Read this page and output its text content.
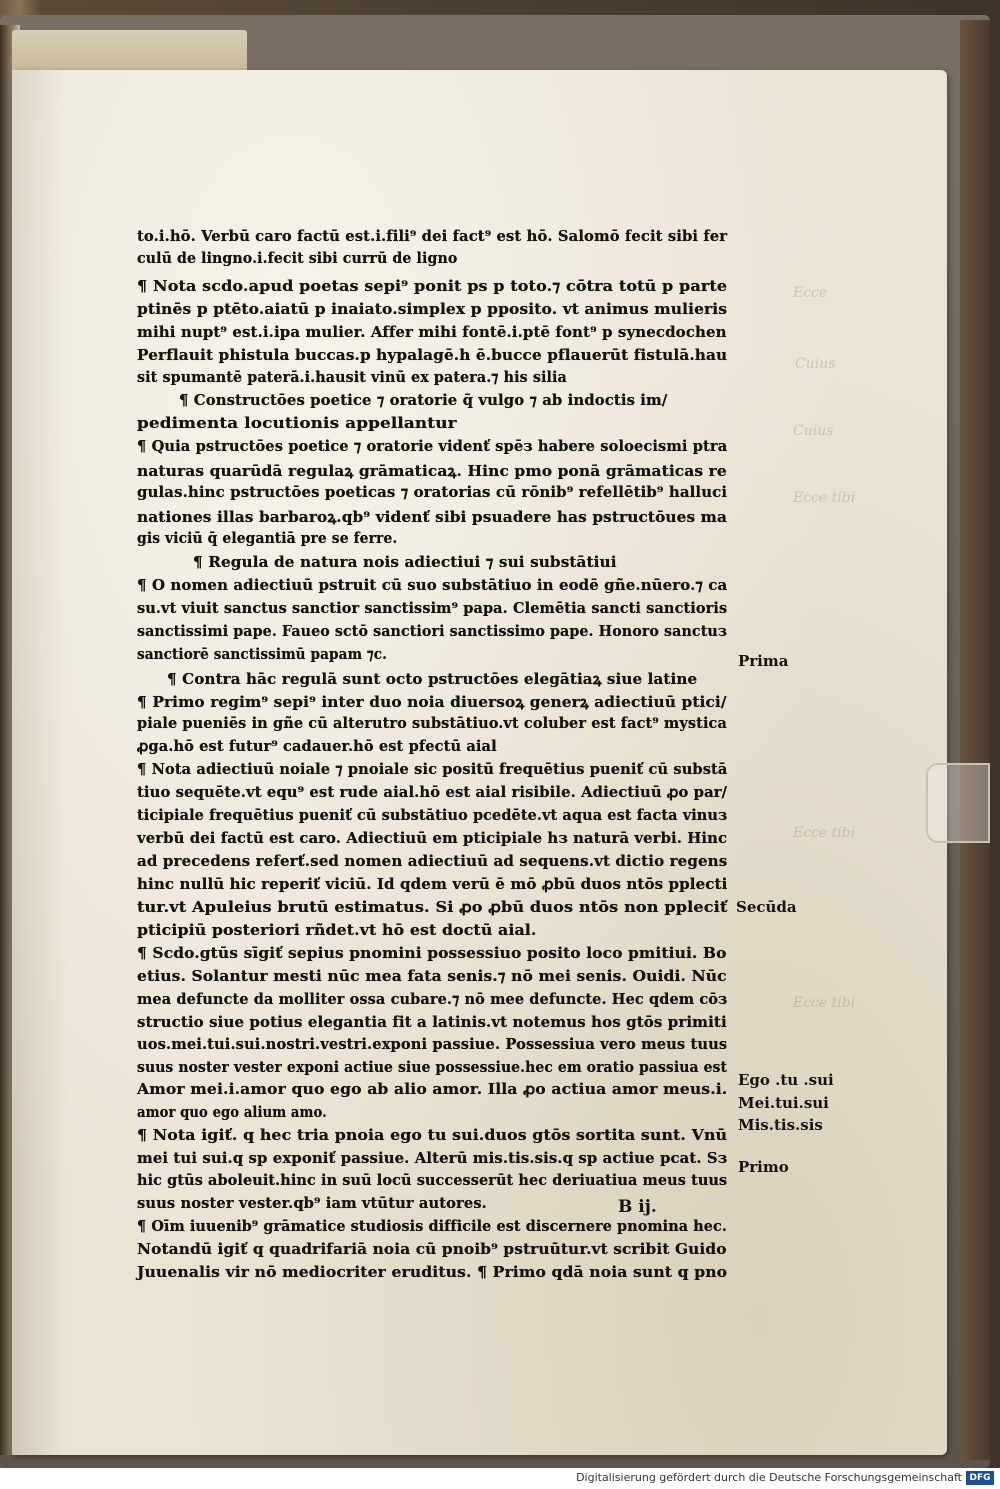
Ecce
Cuius
Cuius
Ecce tibi
Ecce tibi
Ecce tibi
to.i.hō. Verbū caro factū est.i.fili⁹ dei fact⁹ est hō. Salomō fecit sibi fer
culū de lingno.i.fecit sibi currū de ligno
¶ Nota scdo.apud poetas sepi⁹ ponit ps p toto.⁊ cōtra totū p parte
ptinēs p ptēto.aiatū p inaiato.simplex p pposito. vt animus mulieris
mihi nupt⁹ est.i.ipa mulier. Affer mihi fontē.i.ptē font⁹ p synecdochen
Perflauit phistula buccas.p hypalagē.h ē.bucce pflauerūt fistulā.hau
sit spumantē paterā.i.hausit vinū ex patera.⁊ his silia
¶ Constructōes poetice ⁊ oratorie q̄ vulgo ⁊ ab indoctis im/
pedimenta locutionis appellantur
¶ Quia pstructōes poetice ⁊ oratorie videnť spēз habere soloecismi ptra
naturas quarūdā regulaꝝ grāmaticaꝝ. Hinc pmo ponā grāmaticas re
gulas.hinc pstructōes poeticas ⁊ oratorias cū rōnib⁹ refellētib⁹ halluci
nationes illas barbaroꝝ.qb⁹ videnť sibi psuadere has pstructōues ma
gis viciū q̄ elegantiā pre se ferre.
¶ Regula de natura nois adiectiui ⁊ sui substātiui
¶ O nomen adiectiuū pstruit cū suo substātiuo in eodē gñe.nūero.⁊ ca
su.vt viuit sanctus sanctior sanctissim⁹ papa. Clemētia sancti sanctioris
sanctissimi pape. Faueo sctō sanctiori sanctissimo pape. Honoro sanctuз
sanctiorē sanctissimū papam ⁊c.
¶ Contra hāc regulā sunt octo pstructōes elegātiaꝝ siue latine
¶ Primo regim⁹ sepi⁹ inter duo noia diuersoꝝ generꝝ adiectiuū ptici/
piale pueniēs in gñe cū alterutro substātiuo.vt coluber est fact⁹ mystica
ꝓga.hō est futur⁹ cadauer.hō est pfectū aial
¶ Nota adiectiuū noiale ⁊ pnoiale sic positū frequētius pueniť cū substā
tiuo sequēte.vt equ⁹ est rude aial.hō est aial risibile. Adiectiuū ꝓo par/
ticipiale frequētius pueniť cū substātiuo pcedēte.vt aqua est facta vinuз
verbū dei factū est caro. Adiectiuū em pticipiale hз naturā verbi. Hinc
ad precedens referť.sed nomen adiectiuū ad sequens.vt dictio regens
hinc nullū hic reperiť viciū. Id qdem verū ē mō ꝓbū duos ntōs pplecti
tur.vt Apuleius brutū estimatus. Si ꝓo ꝓbū duos ntōs non ppleciť
pticipiū posteriori rñdet.vt hō est doctū aial.
¶ Scdo.gtūs sīgiť sepius pnomini possessiuo posito loco pmitiui. Bo
etius. Solantur mesti nūc mea fata senis.⁊ nō mei senis. Ouidi. Nūc
mea defuncte da molliter ossa cubare.⁊ nō mee defuncte. Hec qdem cōз
structio siue potius elegantia fit a latinis.vt notemus hos gtōs primiti
uos.mei.tui.sui.nostri.vestri.exponi passiue. Possessiua vero meus tuus
suus noster vester exponi actiue siue possessiue.hec em oratio passiua est
Amor mei.i.amor quo ego ab alio amor. Illa ꝓo actiua amor meus.i.
amor quo ego alium amo.
¶ Nota igiť. q hec tria pnoia ego tu sui.duos gtōs sortita sunt. Vnū
mei tui sui.q sp exponiť passiue. Alterū mis.tis.sis.q sp actiue pcat. Sз
hic gtūs aboleuit.hinc in suū locū successerūt hec deriuatiua meus tuus
suus noster vester.qb⁹ iam vtūtur autores.
¶ Oīm iuuenib⁹ grāmatice studiosis difficile est discernere pnomina hec.
Notandū igiť q quadrifariā noia cū pnoib⁹ pstruūtur.vt scribit Guido
Juuenalis vir nō mediocriter eruditus. ¶ Primo qdā noia sunt q pno
Prima
Secūda
Ego .tu .sui
Mei.tui.sui
Mis.tis.sis
Primo
B ij.
Digitalisierung gefördert durch die Deutsche Forschungsgemeinschaft DFG
